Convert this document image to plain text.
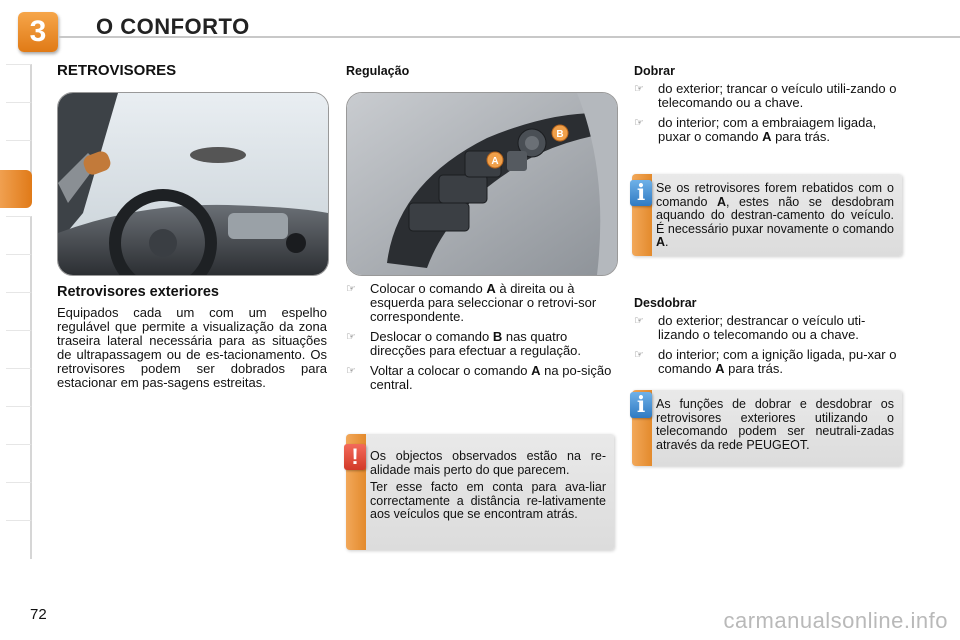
3	O CONFORTO
RETROVISORES
Retrovisores exteriores

Equipados cada um com um espelho regulável que permite a visualização da zona traseira lateral necessária para as situações de ultrapassagem ou de es-tacionamento. Os retrovisores podem ser dobrados para estacionar em pas-sagens estreitas.

Regulação
A
B
☞ Colocar o comando A à direita ou à esquerda para seleccionar o retrovi-sor correspondente.
☞ Deslocar o comando B nas quatro direcções para efectuar a regulação.
☞ Voltar a colocar o comando A na po-sição central.
! Os objectos observados estão na re-alidade mais perto do que parecem.
Ter esse facto em conta para ava-liar correctamente a distância re-lativamente aos veículos que se encontram atrás.
Dobrar
☞ do exterior; trancar o veículo utili-zando o telecomando ou a chave.
☞ do interior; com a embraiagem ligada, puxar o comando A para trás.
i Se os retrovisores forem rebatidos com o comando A, estes não se desdobram aquando do destran-camento do veículo. É necessário puxar novamente o comando A.
Desdobrar
☞ do exterior; destrancar o veículo uti-lizando o telecomando ou a chave.
☞ do interior; com a ignição ligada, pu-xar o comando A para trás.
i As funções de dobrar e desdobrar os retrovisores exteriores utilizando o telecomando podem ser neutrali-zadas através da rede PEUGEOT.
72	carmanualsonline.info
